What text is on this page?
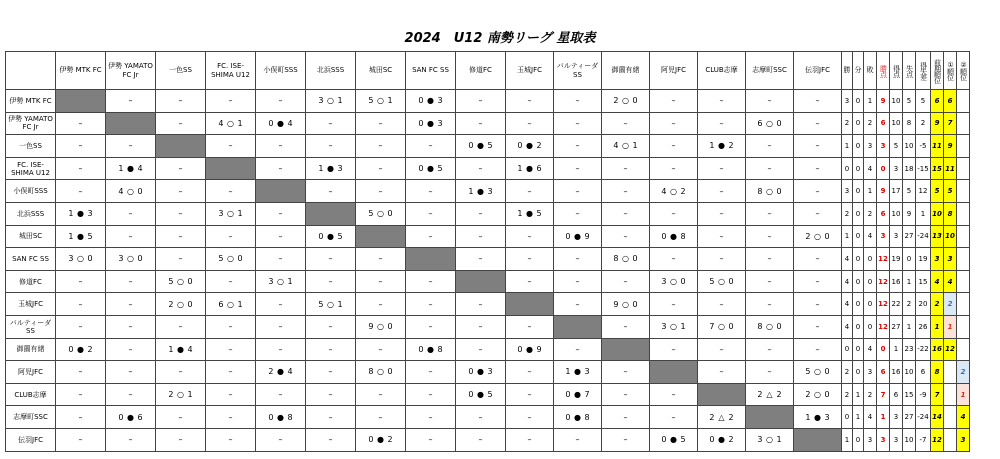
2024　U12 南勢リーグ 星取表
	伊勢 MTK FC	伊勢 YAMATO FC Jr	一色SS	FC. ISE-SHIMA U12	小俣町SSS	北浜SSS	城田SC	SAN FC SS	修道FC	玉城JFC	バルティーダSS	御薗有緒	阿児JFC	CLUB志摩	志摩町SSC	伝羽JFC	勝	分	敗	勝点	得点	失点	得失差	前期順位	①順位	②順位
伊勢 MTK FC		–	–	–	–	3 ○ 1	5 ○ 1	0 ● 3	–	–	–	2 ○ 0	–	–	–	–	3	0	1	9	10	5	5	6	6	
伊勢 YAMATO FC Jr	–		–	4 ○ 1	0 ● 4	–	–	0 ● 3	–	–	–	–	–	–	6 ○ 0	–	2	0	2	6	10	8	2	9	7	
一色SS	–	–		–	–	–	–	–	0 ● 5	0 ● 2	–	4 ○ 1	–	1 ● 2	–	–	1	0	3	3	5	10	-5	11	9	
FC. ISE-SHIMA U12	–	1 ● 4	–		–	1 ● 3	–	0 ● 5	–	1 ● 6	–	–	–	–	–	–	0	0	4	0	3	18	-15	15	11	
小俣町SSS	–	4 ○ 0	–	–		–	–	–	1 ● 3	–	–	–	4 ○ 2	–	8 ○ 0	–	3	0	1	9	17	5	12	5	5	
北浜SSS	1 ● 3	–	–	3 ○ 1	–		5 ○ 0	–	–	1 ● 5	–	–	–	–	–	–	2	0	2	6	10	9	1	10	8	
城田SC	1 ● 5	–	–	–	–	0 ● 5		–	–	–	0 ● 9	–	0 ● 8	–	–	2 ○ 0	1	0	4	3	3	27	-24	13	10	
SAN FC SS	3 ○ 0	3 ○ 0	–	5 ○ 0	–	–	–		–	–	–	8 ○ 0	–	–	–	–	4	0	0	12	19	0	19	3	3	
修道FC	–	–	5 ○ 0	–	3 ○ 1	–	–	–		–	–	–	3 ○ 0	5 ○ 0	–	–	4	0	0	12	16	1	15	4	4	
玉城JFC	–	–	2 ○ 0	6 ○ 1	–	5 ○ 1	–	–	–		–	9 ○ 0	–	–	–	–	4	0	0	12	22	2	20	2	2	
バルティーダSS	–	–	–	–	–	–	9 ○ 0	–	–	–		–	3 ○ 1	7 ○ 0	8 ○ 0	–	4	0	0	12	27	1	26	1	1	
御薗有緒	0 ● 2	–	1 ● 4	–	–	–	–	0 ● 8	–	0 ● 9	–		–	–	–	–	0	0	4	0	1	23	-22	16	12	
阿児JFC	–	–	–	–	2 ● 4	–	8 ○ 0	–	0 ● 3	–	1 ● 3	–		–	–	5 ○ 0	2	0	3	6	16	10	6	8		2
CLUB志摩	–	–	2 ○ 1	–	–	–	–	–	0 ● 5	–	0 ● 7	–	–		2 △ 2	2 ○ 0	2	1	2	7	6	15	-9	7		1
志摩町SSC	–	0 ● 6	–	–	0 ● 8	–	–	–	–	–	0 ● 8	–	–	2 △ 2		1 ● 3	0	1	4	1	3	27	-24	14		4
伝羽JFC	–	–	–	–	–	–	0 ● 2	–	–	–	–	–	0 ● 5	0 ● 2	3 ○ 1		1	0	3	3	3	10	-7	12		3
